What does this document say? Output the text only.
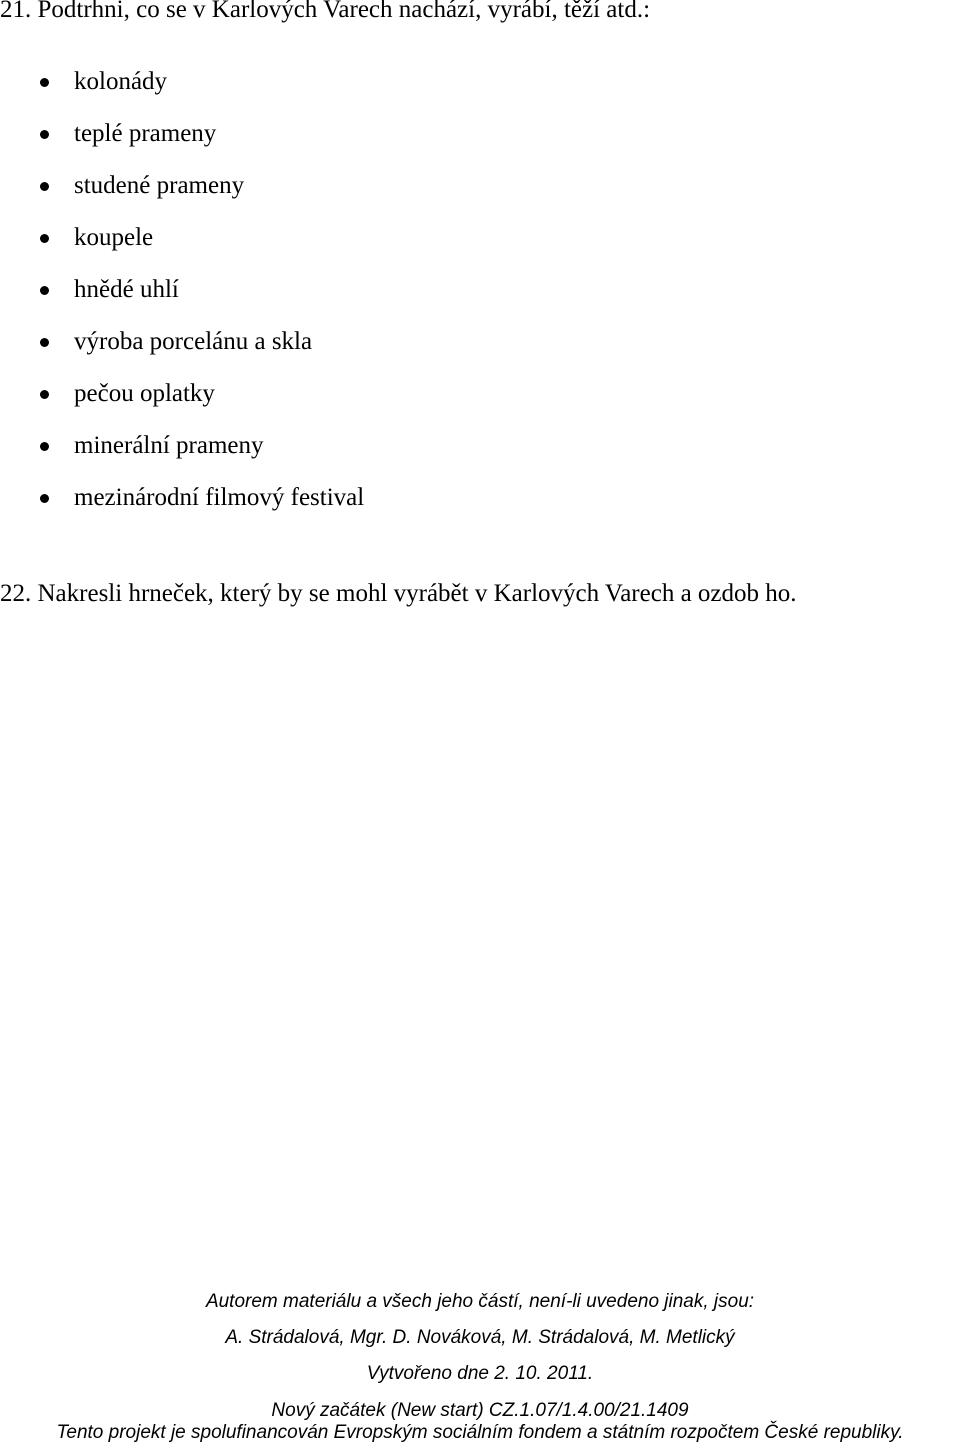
21. Podtrhni, co se v Karlových Varech nachází, vyrábí, těží atd.:
kolonády
teplé prameny
studené prameny
koupele
hnědé uhlí
výroba porcelánu a skla
pečou oplatky
minerální prameny
mezinárodní filmový festival
22. Nakresli hrneček, který by se mohl vyrábět v Karlových Varech a ozdob ho.
Autorem materiálu a všech jeho částí, není-li uvedeno jinak, jsou:
A. Strádalová, Mgr. D. Nováková, M. Strádalová, M. Metlický
Vytvořeno dne 2. 10. 2011.
Nový začátek (New start) CZ.1.07/1.4.00/21.1409
Tento projekt je spolufinancován Evropským sociálním fondem a státním rozpočtem České republiky.
